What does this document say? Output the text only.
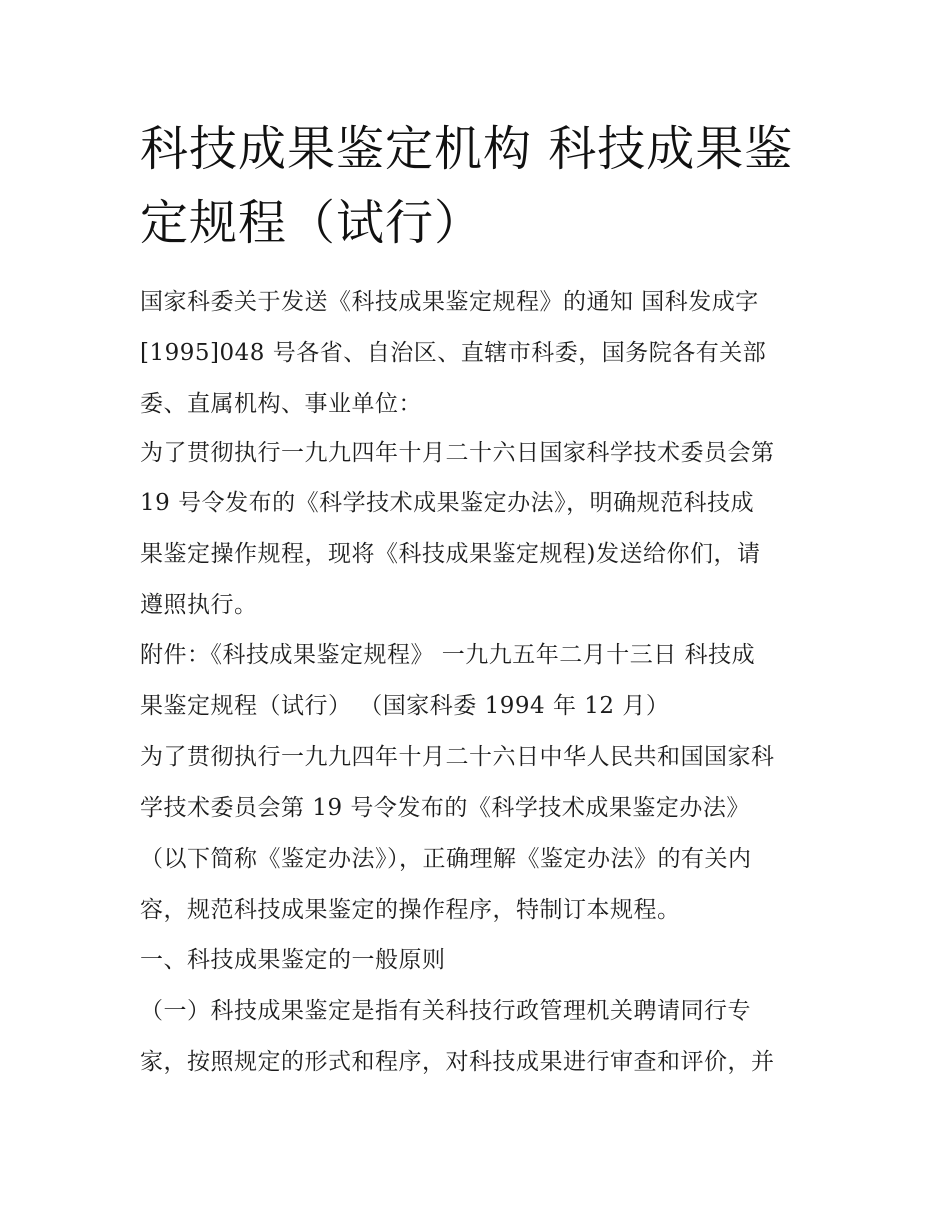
科技成果鉴定机构 科技成果鉴定规程（试行）

国家科委关于发送《科技成果鉴定规程》的通知 国科发成字

[1995]048 号各省、自治区、直辖市科委，国务院各有关部

委、直属机构、事业单位：

为了贯彻执行一九九四年十月二十六日国家科学技术委员会第

19 号令发布的《科学技术成果鉴定办法》，明确规范科技成

果鉴定操作规程，现将《科技成果鉴定规程)发送给你们，请

遵照执行。

附件：《科技成果鉴定规程》 一九九五年二月十三日 科技成

果鉴定规程（试行） （国家科委 1994 年 12 月）

为了贯彻执行一九九四年十月二十六日中华人民共和国国家科

学技术委员会第 19 号令发布的《科学技术成果鉴定办法》

（以下简称《鉴定办法》），正确理解《鉴定办法》的有关内

容，规范科技成果鉴定的操作程序，特制订本规程。

一、科技成果鉴定的一般原则

（一）科技成果鉴定是指有关科技行政管理机关聘请同行专

家，按照规定的形式和程序，对科技成果进行审查和评价，并
